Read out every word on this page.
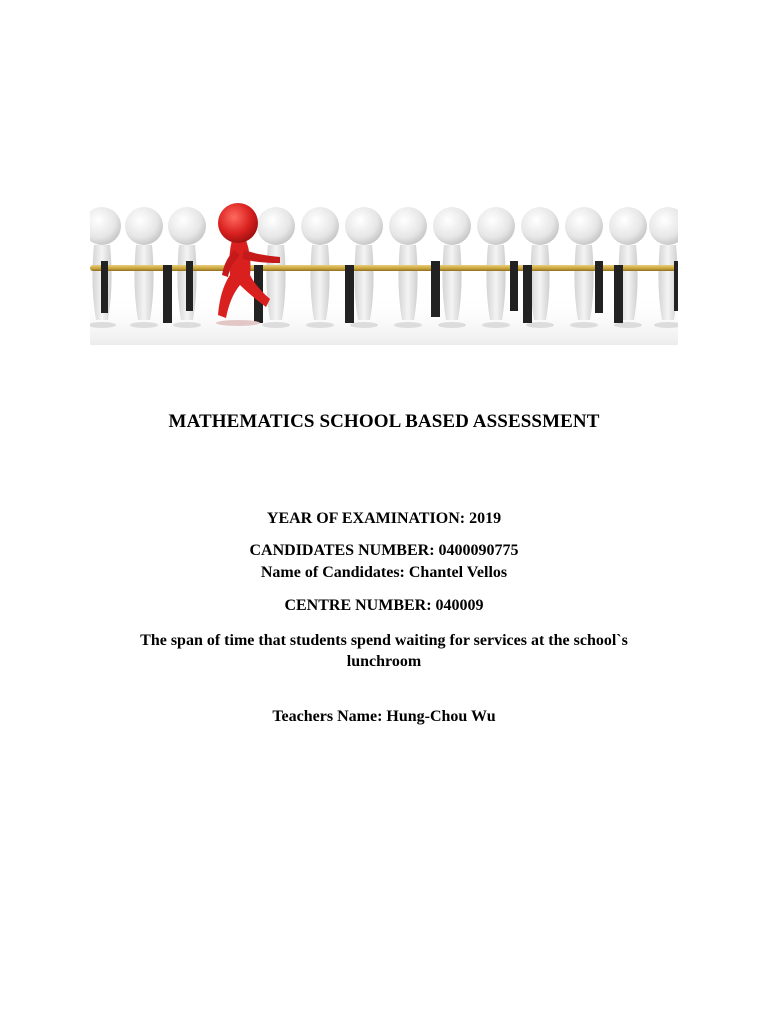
MATHEMATICS SCHOOL BASED ASSESSMENT
YEAR OF EXAMINATION: 2019
CANDIDATES NUMBER: 0400090775
Name of Candidates: Chantel Vellos
CENTRE NUMBER: 040009
The span of time that students spend waiting for services at the school`s
lunchroom
Teachers Name: Hung-Chou Wu
